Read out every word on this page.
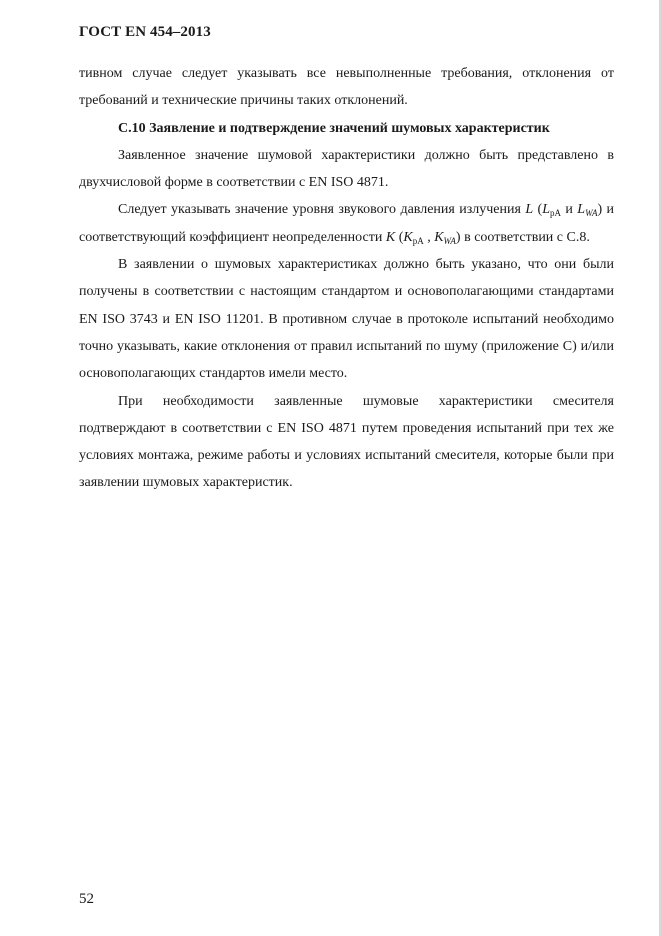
ГОСТ EN 454–2013

тивном случае следует указывать все невыполненные требования, отклонения от требований и технические причины таких отклонений.

С.10 Заявление и подтверждение значений шумовых характеристик

Заявленное значение шумовой характеристики должно быть представлено в двухчисловой форме в соответствии с EN ISO 4871.

Следует указывать значение уровня звукового давления излучения L ($L_{pA}$ и $L_{WA}$) и соответствующий коэффициент неопределенности K ($K_{pA}$ , $K_{WA}$) в соответствии с С.8.

В заявлении о шумовых характеристиках должно быть указано, что они были получены в соответствии с настоящим стандартом и основополагающими стандартами EN ISO 3743 и EN ISO 11201. В противном случае в протоколе испытаний необходимо точно указывать, какие отклонения от правил испытаний по шуму (приложение С) и/или основополагающих стандартов имели место.

При необходимости заявленные шумовые характеристики смесителя подтверждают в соответствии с EN ISO 4871 путем проведения испытаний при тех же условиях монтажа, режиме работы и условиях испытаний смесителя, которые были при заявлении шумовых характеристик.

52
